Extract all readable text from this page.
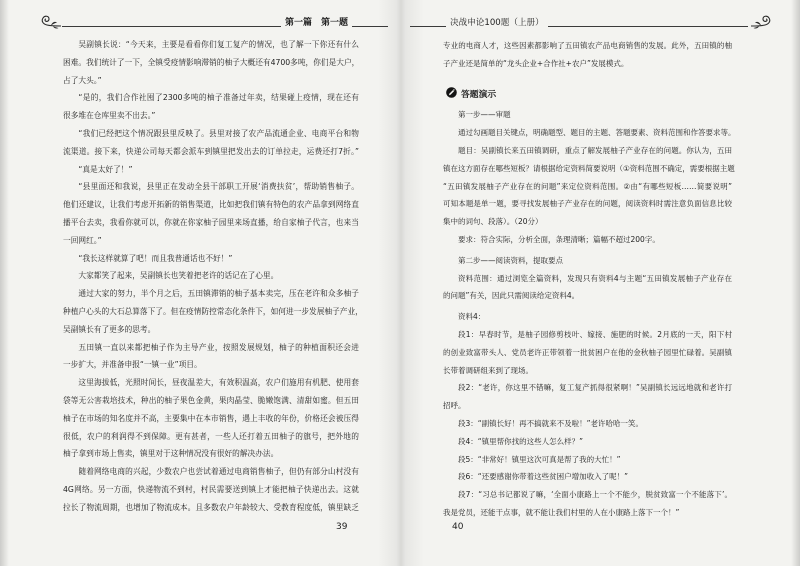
第一篇 第一题	决战申论100题（上册）
吴副镇长说：“今天来，主要是看看你们复工复产的情况，也了解一下你还有什么
困难。我们统计了一下，全镇受疫情影响滞销的柚子大概还有4700多吨，你们是大户，
占了大头。”
“是的，我们合作社囤了2300多吨的柚子准备过年卖，结果碰上疫情，现在还有
很多堆在仓库里卖不出去。”
“我们已经把这个情况跟县里反映了。县里对接了农产品流通企业、电商平台和物
流渠道。接下来，快递公司每天都会派车到镇里把发出去的订单拉走，运费还打7折。”
“真是太好了！”
“县里面还和我说，县里正在发动全县干部职工开展‘消费扶贫’，帮助销售柚子。
他们还建议，让我们考虑开拓新的销售渠道，比如把我们镇有特色的农产品拿到网络直
播平台去卖，我看你就可以，你就在你家柚子园里来场直播，给自家柚子代言，也来当
一回网红。”
“我长这样就算了吧！而且我普通话也不好！”
大家都笑了起来，吴副镇长也笑着把老许的话记在了心里。
通过大家的努力，半个月之后，五田镇滞销的柚子基本卖完，压在老许和众多柚子
种植户心头的大石总算落下了。但在疫情防控常态化条件下，如何进一步发展柚子产业，
吴副镇长有了更多的思考。
五田镇一直以来都把柚子作为主导产业，按照发展规划，柚子的种植面积还会进
一步扩大，并准备申报“一镇一业”项目。
这里海拔低，光照时间长，昼夜温差大，有效积温高，农户们施用有机肥、使用套
袋等无公害栽培技术，种出的柚子果色金黄，果肉晶莹、脆嫩饱满、清甜如蜜。但五田
柚子在市场的知名度并不高，主要集中在本市销售，遇上丰收的年份，价格还会被压得
很低，农户的利润得不到保障。更有甚者，一些人还打着五田柚子的旗号，把外地的
柚子拿到市场上售卖，镇里对于这种情况没有很好的解决办法。
随着网络电商的兴起，少数农户也尝试着通过电商销售柚子，但仍有部分山村没有
4G网络。另一方面，快递物流不到村，村民需要送到镇上才能把柚子快递出去。这就
拉长了物流周期，也增加了物流成本。且多数农户年龄较大、受教育程度低，镇里缺乏
专业的电商人才，这些因素都影响了五田镇农产品电商销售的发展。此外，五田镇的柚
子产业还是简单的“龙头企业+合作社+农户”发展模式。
答题演示
第一步——审题
通过勾画题目关键点，明确题型、题目的主题、答题要素、资料范围和作答要求等。
题目：吴副镇长来五田镇调研，重点了解发展柚子产业存在的问题。你认为，五田
镇在这方面存在哪些短板？请根据给定资料简要说明（①资料范围不确定，需要根据主题
“五田镇发展柚子产业存在的问题”来定位资料范围。②由“有哪些短板……简要说明”
可知本题是单一题，要寻找发展柚子产业存在的问题，阅读资料时需注意负面信息比较
集中的词句、段落）。（20分）
要求：符合实际，分析全面，条理清晰；篇幅不超过200字。
第二步——阅读资料，提取要点
资料范围：通过浏览全篇资料，发现只有资料4与主题“五田镇发展柚子产业存在
的问题”有关，因此只需阅读给定资料4。
资料4：
段1：早春时节，是柚子园修剪枝叶、嫁接、施肥的时候。2月底的一天，阳下村
的创业致富带头人、党员老许正带领着一批贫困户在他的金秋柚子园里忙碌着。吴副镇
长带着调研组来到了现场。
段2：“老许，你这里不错嘛，复工复产抓得很紧啊！”吴副镇长远远地就和老许打
招呼。
段3：“副镇长好！再不搞就来不及啦！”老许哈哈一笑。
段4：“镇里帮你找的这些人怎么样？”
段5：“非常好！镇里这次可真是帮了我的大忙！”
段6：“还要感谢你带着这些贫困户增加收入了呢！”
段7：“习总书记都说了嘛，‘全面小康路上一个不能少，脱贫致富一个不能落下’。
我是党员，还能干点事，就不能让我们村里的人在小康路上落下一个！”
39	40
